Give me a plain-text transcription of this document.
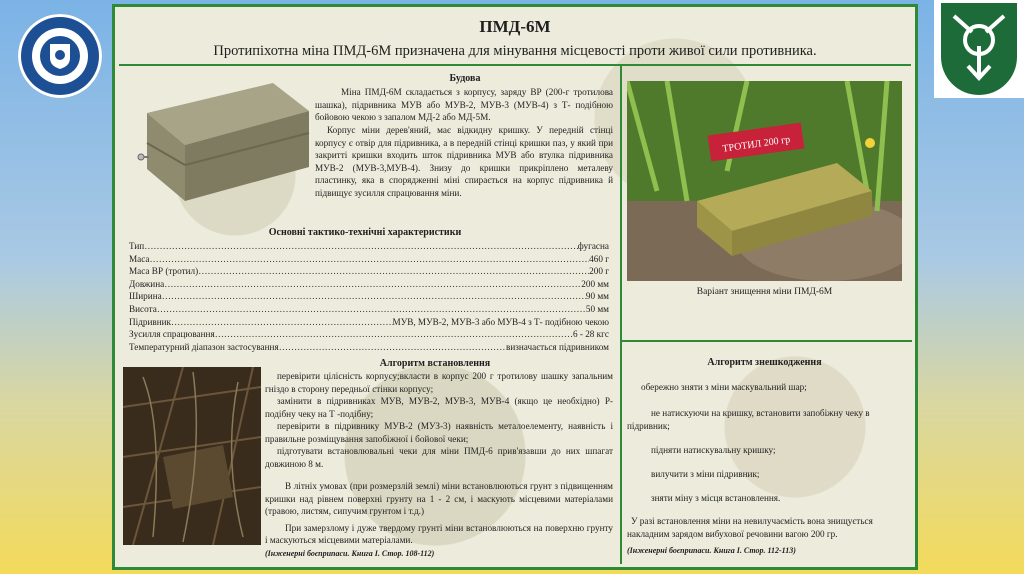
ПМД-6М
Протипіхотна міна ПМД-6М призначена для мінування місцевості проти живої сили противника.
Будова
Міна ПМД-6М складається з корпусу, заряду ВР (200-г тротилова шашка), підривника МУВ або МУВ-2, МУВ-3 (МУВ-4) з Т- подібною бойовою чекою з запалом МД-2 або МД-5М.
Корпус міни дерев'яний, має відкидну кришку. У передній стінці корпусу є отвір для підривника, а в передній стінці кришки паз, у який при закритті кришки входить шток підривника МУВ або втулка підривника МУВ-2 (МУВ-3,МУВ-4). Знизу до кришки прикріплено металеву пластинку, яка в спорядженні міні спирається на корпус підривника й підвищує зусилля спрацювання міни.
Основні тактико-технічні характеристики
Тип ……………………………………………………………………………………………………………………………………………………………………………………………………	фугасна
Маса ……………………………………………………………………………………………………………………………………………………………………………………………………	460 г
Маса ВР (тротил) ……………………………………………………………………………………………………………………………………………………………………………………………………	200 г
Довжина ……………………………………………………………………………………………………………………………………………………………………………………………………	200 мм
Ширина ……………………………………………………………………………………………………………………………………………………………………………………………………	90 мм
Висота ……………………………………………………………………………………………………………………………………………………………………………………………………	50 мм
Підривник ……………………………………………………………………………………………………………………………………………………………………………………………………	МУВ, МУВ-2, МУВ-3 або МУВ-4 з Т- подібною чекою
Зусилля спрацювання ……………………………………………………………………………………………………………………………………………………………………………………………………	6 - 28 кгс
Температурний діапазон застосування ……………………………………………………………………………………………………………………………………………………………………………………………………	визначається підривником
ТРОТИЛ 200 гр
Варіант знищення міни ПМД-6М
Алгоритм встановлення
перевірити цілісність корпусу;вкласти в корпус 200 г тротилову шашку запальним гніздо в сторону передньої стінки корпусу;
замінити в підривниках МУВ, МУВ-2, МУВ-3, МУВ-4 (якщо це необхідно) Р- подібну чеку на Т -подібну;
перевірити в підривнику МУВ-2 (МУЗ-3) наявність металоелементу, наявність і правильне розміщування запобіжної і бойової чеки;
підготувати встановлювальні чеки для міни ПМД-6 прив'язавши до них шпагат довжиною 8 м.
В літніх умовах (при розмерзлій землі) міни встановлюються грунт з підвищенням кришки над рівнем поверхні грунту на 1 - 2 см, і маскують місцевими матеріалами (травою, листям, сипучим грунтом і т.д.)
При замерзлому і дуже твердому грунті міни встановлюються на поверхню грунту і маскуються місцевими матеріалами.
(Інженерні боєприпаси. Книга І. Стор. 108-112)
Алгоритм знешкодження
обережно зняти з міни маскувальний шар;
не натискуючи на кришку, встановити запобіжну чеку в підривник;
підняти натискувальну кришку;
вилучити з міни підривник;
зняти міну з місця встановлення.
У разі встановлення міни на невилучаємість вона знищується накладним зарядом вибухової речовини вагою 200 гр.
(Інженерні боєприпаси. Книга І. Стор. 112-113)
